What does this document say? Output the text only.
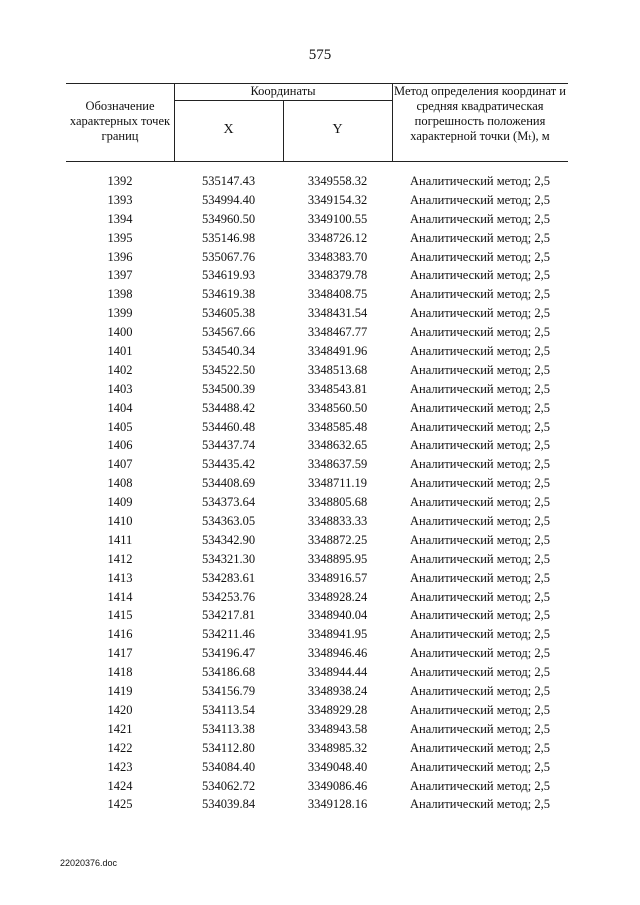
575
Обозначение характерных точек границ
Координаты
X	Y
Метод определения координат и средняя квадратическая погрешность положения характерной точки (Mₜ), м
1392	535147.43	3349558.32	Аналитический метод; 2,5
1393	534994.40	3349154.32	Аналитический метод; 2,5
1394	534960.50	3349100.55	Аналитический метод; 2,5
1395	535146.98	3348726.12	Аналитический метод; 2,5
1396	535067.76	3348383.70	Аналитический метод; 2,5
1397	534619.93	3348379.78	Аналитический метод; 2,5
1398	534619.38	3348408.75	Аналитический метод; 2,5
1399	534605.38	3348431.54	Аналитический метод; 2,5
1400	534567.66	3348467.77	Аналитический метод; 2,5
1401	534540.34	3348491.96	Аналитический метод; 2,5
1402	534522.50	3348513.68	Аналитический метод; 2,5
1403	534500.39	3348543.81	Аналитический метод; 2,5
1404	534488.42	3348560.50	Аналитический метод; 2,5
1405	534460.48	3348585.48	Аналитический метод; 2,5
1406	534437.74	3348632.65	Аналитический метод; 2,5
1407	534435.42	3348637.59	Аналитический метод; 2,5
1408	534408.69	3348711.19	Аналитический метод; 2,5
1409	534373.64	3348805.68	Аналитический метод; 2,5
1410	534363.05	3348833.33	Аналитический метод; 2,5
1411	534342.90	3348872.25	Аналитический метод; 2,5
1412	534321.30	3348895.95	Аналитический метод; 2,5
1413	534283.61	3348916.57	Аналитический метод; 2,5
1414	534253.76	3348928.24	Аналитический метод; 2,5
1415	534217.81	3348940.04	Аналитический метод; 2,5
1416	534211.46	3348941.95	Аналитический метод; 2,5
1417	534196.47	3348946.46	Аналитический метод; 2,5
1418	534186.68	3348944.44	Аналитический метод; 2,5
1419	534156.79	3348938.24	Аналитический метод; 2,5
1420	534113.54	3348929.28	Аналитический метод; 2,5
1421	534113.38	3348943.58	Аналитический метод; 2,5
1422	534112.80	3348985.32	Аналитический метод; 2,5
1423	534084.40	3349048.40	Аналитический метод; 2,5
1424	534062.72	3349086.46	Аналитический метод; 2,5
1425	534039.84	3349128.16	Аналитический метод; 2,5
22020376.doc
